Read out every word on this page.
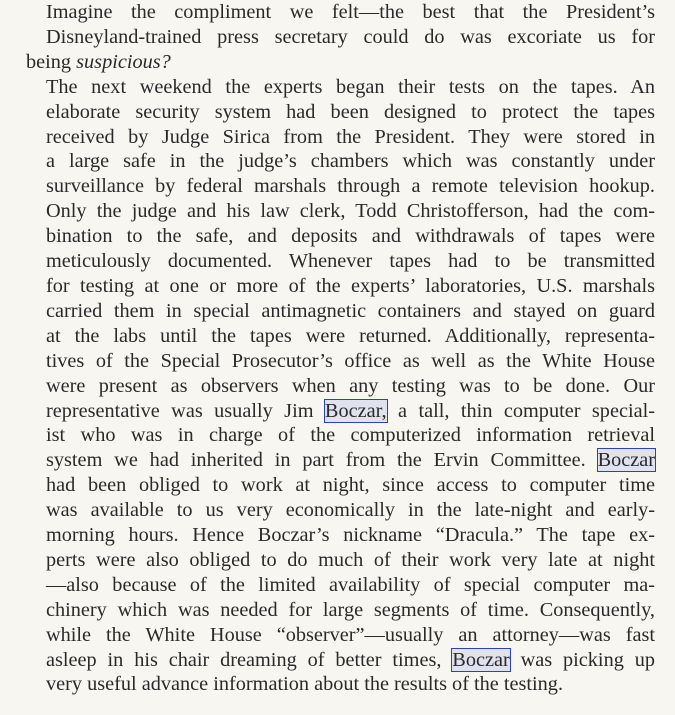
Imagine the compliment we felt—the best that the President’s
Disneyland-trained press secretary could do was excoriate us for
being suspicious?

The next weekend the experts began their tests on the tapes. An
elaborate security system had been designed to protect the tapes
received by Judge Sirica from the President. They were stored in
a large safe in the judge’s chambers which was constantly under
surveillance by federal marshals through a remote television hookup.
Only the judge and his law clerk, Todd Christofferson, had the com-
bination to the safe, and deposits and withdrawals of tapes were
meticulously documented. Whenever tapes had to be transmitted
for testing at one or more of the experts’ laboratories, U.S. marshals
carried them in special antimagnetic containers and stayed on guard
at the labs until the tapes were returned. Additionally, representa-
tives of the Special Prosecutor’s office as well as the White House
were present as observers when any testing was to be done. Our
representative was usually Jim Boczar, a tall, thin computer special-
ist who was in charge of the computerized information retrieval
system we had inherited in part from the Ervin Committee. Boczar
had been obliged to work at night, since access to computer time
was available to us very economically in the late-night and early-
morning hours. Hence Boczar’s nickname “Dracula.” The tape ex-
perts were also obliged to do much of their work very late at night
—also because of the limited availability of special computer ma-
chinery which was needed for large segments of time. Consequently,
while the White House “observer”—usually an attorney—was fast
asleep in his chair dreaming of better times, Boczar was picking up
very useful advance information about the results of the testing.
